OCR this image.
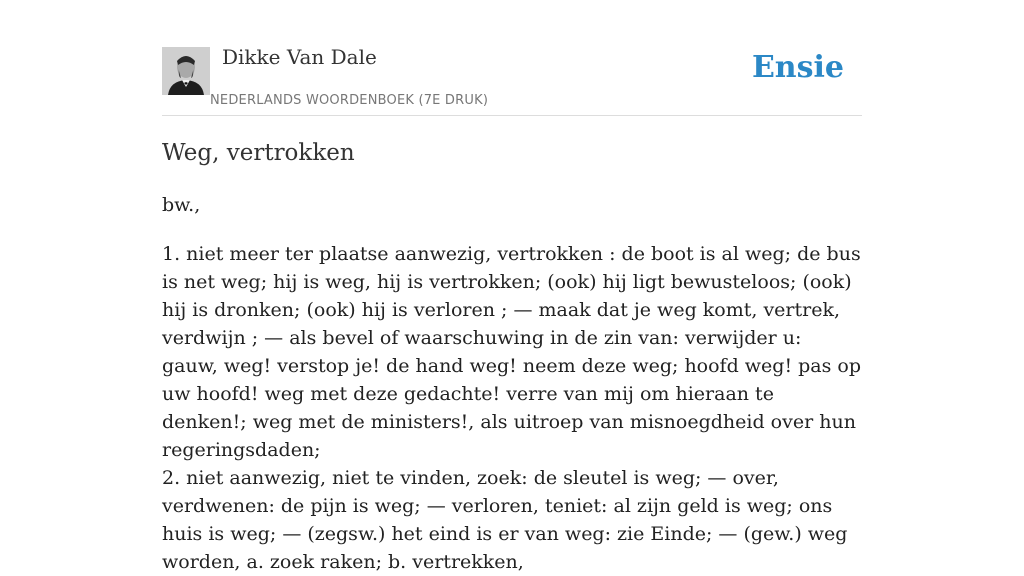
Dikke Van Dale
NEDERLANDS WOORDENBOEK (7E DRUK)
Ensie
Weg, vertrokken
bw.,

1. niet meer ter plaatse aanwezig, vertrokken : de boot is al weg; de bus is net weg; hij is weg, hij is vertrokken; (ook) hij ligt bewusteloos; (ook) hij is dronken; (ook) hij is verloren ; — maak dat je weg komt, vertrek, verdwijn ; — als bevel of waarschuwing in de zin van: verwijder u: gauw, weg! verstop je! de hand weg! neem deze weg; hoofd weg! pas op uw hoofd! weg met deze gedachte! verre van mij om hieraan te denken!; weg met de ministers!, als uitroep van misnoegdheid over hun regeringsdaden;

2. niet aanwezig, niet te vinden, zoek: de sleutel is weg; — over, verdwenen: de pijn is weg; — verloren, teniet: al zijn geld is weg; ons huis is weg; — (zegsw.) het eind is er van weg: zie Einde; — (gew.) weg worden, a. zoek raken; b. vertrekken,
